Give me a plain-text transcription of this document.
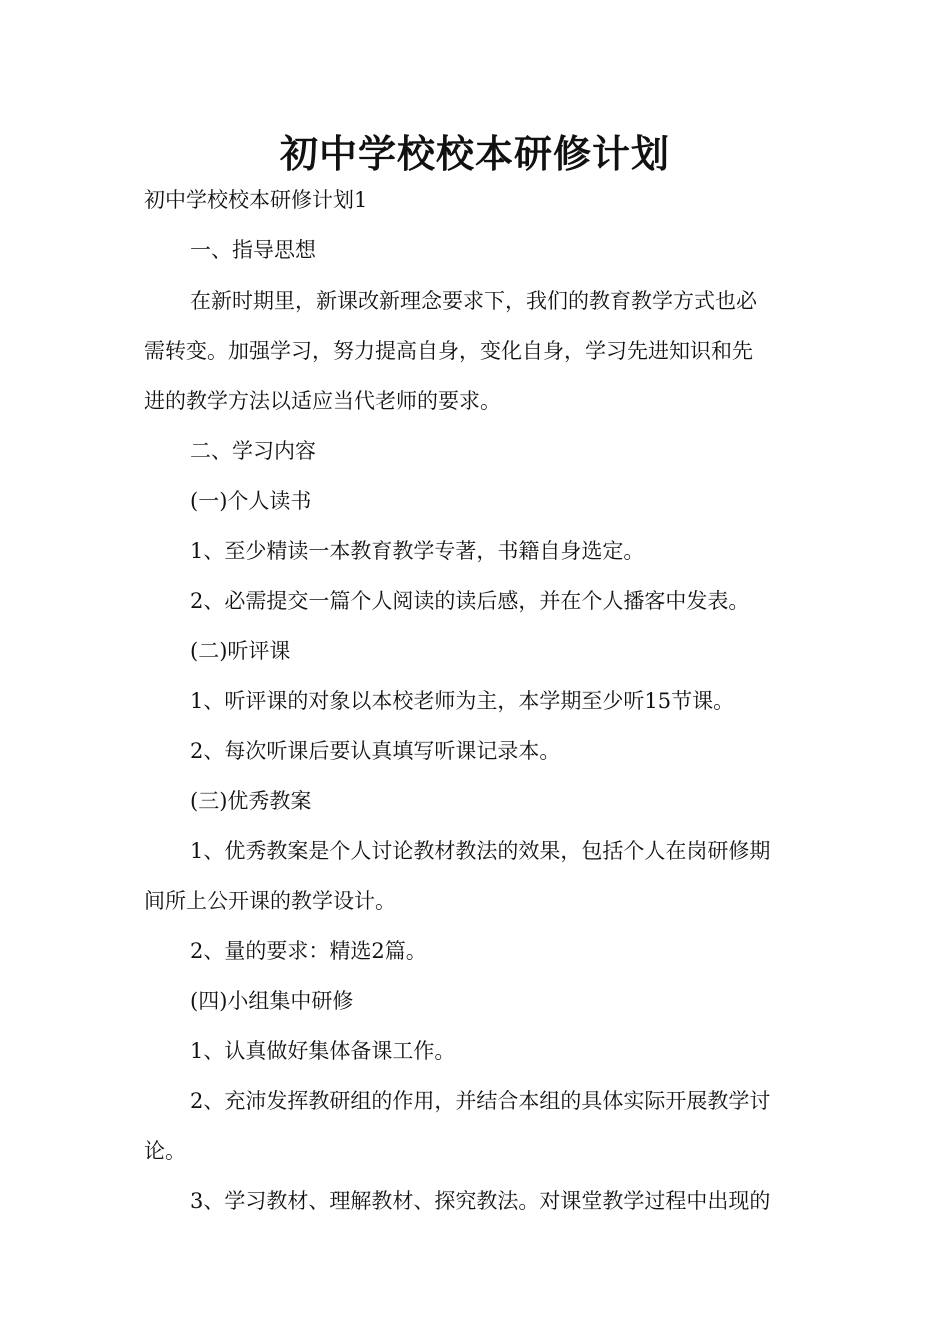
初中学校校本研修计划
初中学校校本研修计划1
一、指导思想
在新时期里，新课改新理念要求下，我们的教育教学方式也必
需转变。加强学习，努力提高自身，变化自身，学习先进知识和先
进的教学方法以适应当代老师的要求。
二、学习内容
(一)个人读书
1、至少精读一本教育教学专著，书籍自身选定。
2、必需提交一篇个人阅读的读后感，并在个人播客中发表。
(二)听评课
1、听评课的对象以本校老师为主，本学期至少听15节课。
2、每次听课后要认真填写听课记录本。
(三)优秀教案
1、优秀教案是个人讨论教材教法的效果，包括个人在岗研修期
间所上公开课的教学设计。
2、量的要求：精选2篇。
(四)小组集中研修
1、认真做好集体备课工作。
2、充沛发挥教研组的作用，并结合本组的具体实际开展教学讨
论。
3、学习教材、理解教材、探究教法。对课堂教学过程中出现的
